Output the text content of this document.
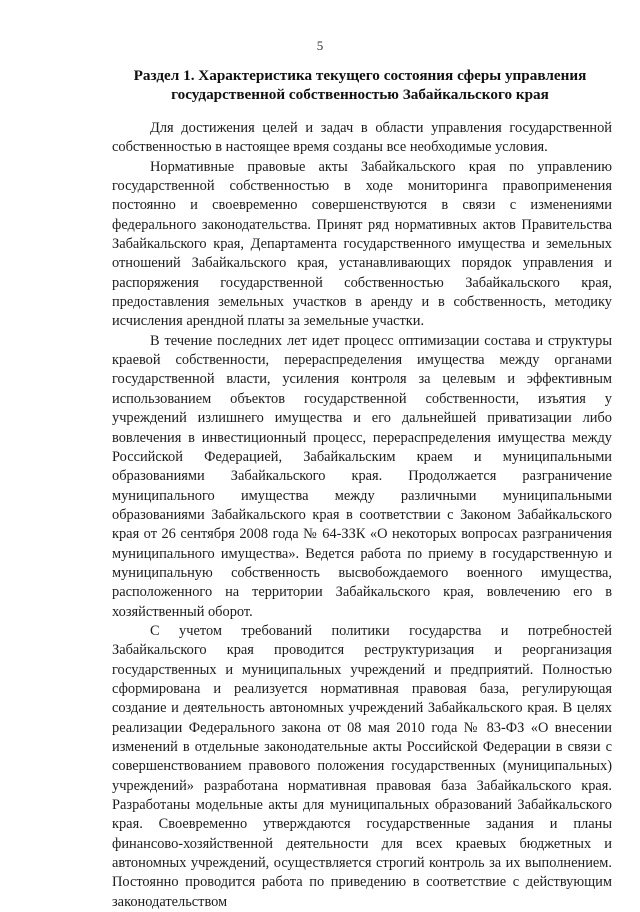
5
Раздел 1. Характеристика текущего состояния сферы управления государственной собственностью Забайкальского края

Для достижения целей и задач в области управления государственной собственностью в настоящее время созданы все необходимые условия.

Нормативные правовые акты Забайкальского края по управлению государственной собственностью в ходе мониторинга правоприменения постоянно и своевременно совершенствуются в связи с изменениями федерального законодательства. Принят ряд нормативных актов Правительства Забайкальского края, Департамента государственного имущества и земельных отношений Забайкальского края, устанавливающих порядок управления и распоряжения государственной собственностью Забайкальского края, предоставления земельных участков в аренду и в собственность, методику исчисления арендной платы за земельные участки.

В течение последних лет идет процесс оптимизации состава и структуры краевой собственности, перераспределения имущества между органами государственной власти, усиления контроля за целевым и эффективным использованием объектов государственной собственности, изъятия у учреждений излишнего имущества и его дальнейшей приватизации либо вовлечения в инвестиционный процесс, перераспределения имущества между Российской Федерацией, Забайкальским краем и муниципальными образованиями Забайкальского края. Продолжается разграничение муниципального имущества между различными муниципальными образованиями Забайкальского края в соответствии с Законом Забайкальского края от 26 сентября 2008 года № 64-ЗЗК «О некоторых вопросах разграничения муниципального имущества». Ведется работа по приему в государственную и муниципальную собственность высвобождаемого военного имущества, расположенного на территории Забайкальского края, вовлечению его в хозяйственный оборот.

С учетом требований политики государства и потребностей Забайкальского края проводится реструктуризация и реорганизация государственных и муниципальных учреждений и предприятий. Полностью сформирована и реализуется нормативная правовая база, регулирующая создание и деятельность автономных учреждений Забайкальского края. В целях реализации Федерального закона от 08 мая 2010 года № 83-ФЗ «О внесении изменений в отдельные законодательные акты Российской Федерации в связи с совершенствованием правового положения государственных (муниципальных) учреждений» разработана нормативная правовая база Забайкальского края. Разработаны модельные акты для муниципальных образований Забайкальского края. Своевременно утверждаются государственные задания и планы финансово-хозяйственной деятельности для всех краевых бюджетных и автономных учреждений, осуществляется строгий контроль за их выполнением. Постоянно проводится работа по приведению в соответствие с действующим законодательством
